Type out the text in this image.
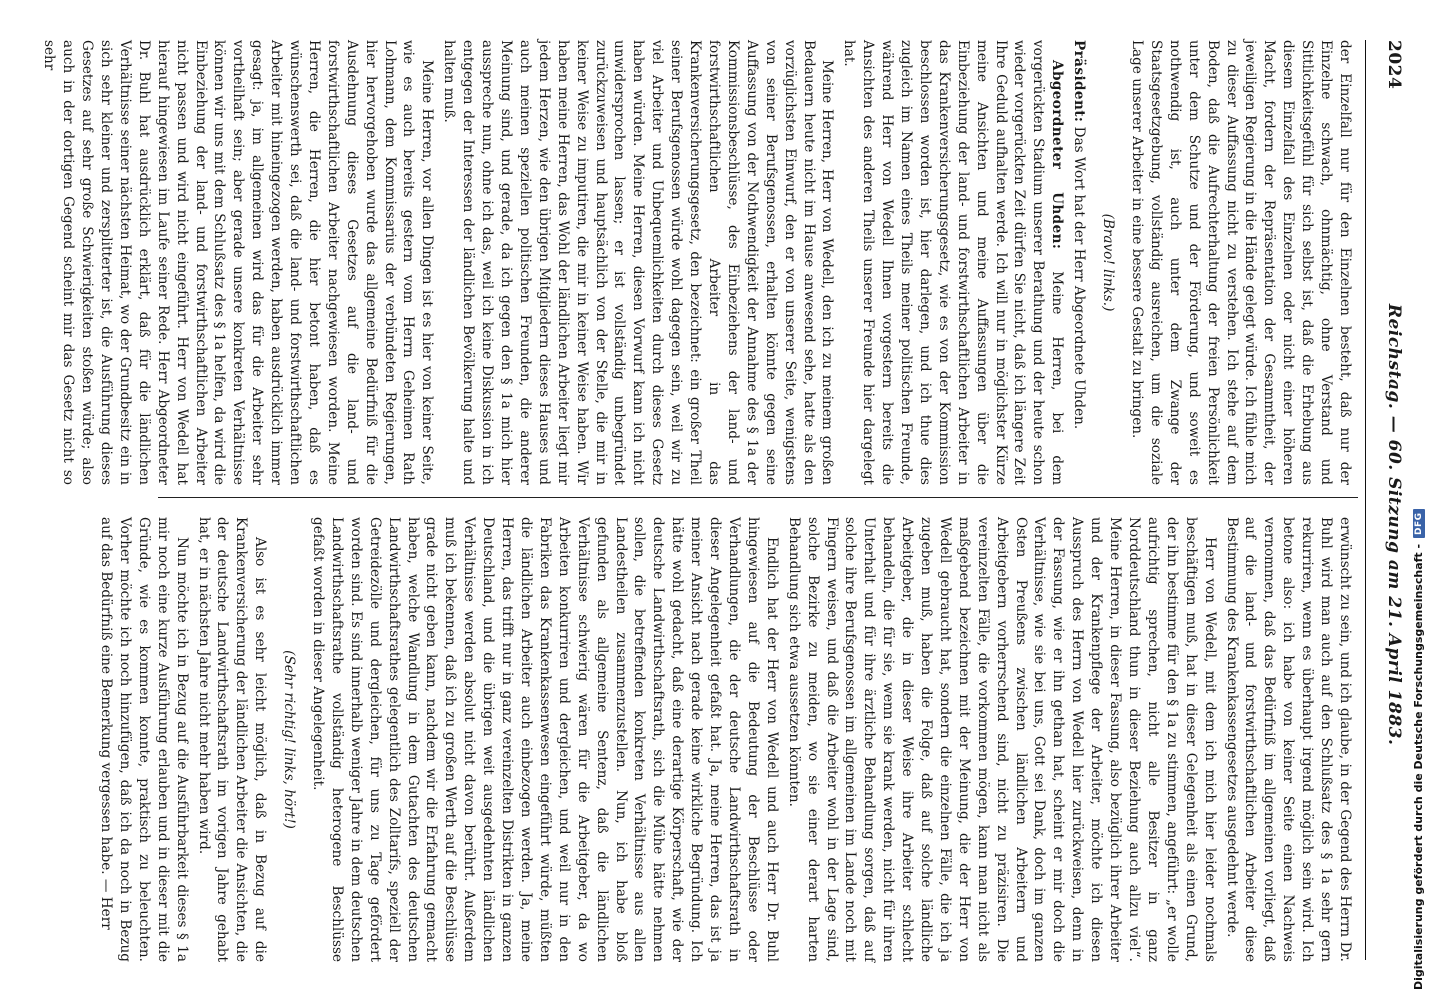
2024
Reichstag. — 60. Sitzung am 21. April 1883.

der Einzelfall nur für den Einzelnen besteht, daß nur der Einzelne schwach, ohnmächtig, ohne Verstand und Sittlichkeitsgefühl für sich selbst ist, daß die Erhebung aus diesem Einzelfall des Einzelnen oder nicht einer höheren Macht, fordern der Repräsentation der Gesammtheit, der jeweiligen Regierung in die Hände gelegt würde. Ich fühle mich zu dieser Auffassung nicht zu verstehen. Ich stehe auf dem Boden, daß die Aufrechterhaltung der freien Persönlichkeit unter dem Schutze und der Förderung, und soweit es nothwendig ist, auch unter dem Zwange der Staatsgesetzgebung, vollständig ausreichen, um die soziale Lage unserer Arbeiter in eine bessere Gestalt zu bringen.

(Bravo! links.)

Präsident: Das Wort hat der Herr Abgeordnete Uhden.

Abgeordneter Uhden: Meine Herren, bei dem vorgerückten Stadium unserer Berathung und der heute schon wieder vorgerückten Zeit dürfen Sie nicht, daß ich längere Zeit Ihre Geduld aufhalten werde. Ich will nur in möglichster Kürze meine Ansichten und meine Auffassungen über die Einbeziehung der land- und forstwirthschaftlichen Arbeiter in das Krankenversicherungsgesetz, wie es von der Kommission beschlossen worden ist, hier darlegen, und ich thue dies zugleich im Namen eines Theils meiner politischen Freunde, während Herr von Wedell Ihnen vorgestern bereits die Ansichten des anderen Theils unserer Freunde hier dargelegt hat.

Meine Herren, Herr von Wedell, den ich zu meinem großen Bedauern heute nicht im Hause anwesend sehe, hatte als den vorzüglichsten Einwurf, den er von unserer Seite, wenigstens von seiner Berufsgenossen, erhalten könnte gegen seine Auffassung von der Nothwendigkeit der Annahme des § 1a der Kommissionsbeschlüsse, des Einbeziehens der land- und forstwirthschaftlichen Arbeiter in das Krankenversicherungsgesetz, den bezeichnet: ein großer Theil seiner Berufsgenossen würde wohl dagegen sein, weil wir zu viel Arbeiter und Unbequemlichkeiten durch dieses Gesetz haben würden. Meine Herren, diesen Vorwurf kann ich nicht unwidersprochen lassen; er ist vollständig unbegründet zurückzuweisen und hauptsächlich von der Stelle, die mir in keiner Weise zu imputiren, die mir in keiner Weise haben. Wir haben meine Herren, das Wohl der ländlichen Arbeiter liegt mir jedem Herzen, wie den übrigen Mitgliedern dieses Hauses und auch meinen speziellen politischen Freunden, die anderer Meinung sind, und gerade, da ich gegen den § 1a mich hier ausspreche nun, ohne ich das, weil ich keine Diskussion in ich entgegen der Interessen der ländlichen Bevölkerung halte und halten muß.

Meine Herren, vor allen Dingen ist es hier von keiner Seite, wie es auch bereits gestern vom Herrn Geheimen Rath Lohmann, dem Kommissarius der verbündeten Regierungen, hier hervorgehoben wurde das allgemeine Bedürfniß für die Ausdehnung dieses Gesetzes auf die land- und forstwirthschaftlichen Arbeiter nachgewiesen worden. Meine Herren, die Herren, die hier betont haben, daß es wünschenswerth sei, daß die land- und forstwirthschaftlichen Arbeiter mit hineingezogen werden, haben ausdrücklich immer gesagt: ja, im allgemeinen wird das für die Arbeiter sehr vortheilhaft sein; aber gerade unsere konkreten Verhältnisse können wir uns mit dem Schlußsatz des § 1a helfen, da wird die Einbeziehung der land- und forstwirthschaftlichen Arbeiter nicht passen und wird nicht eingeführt. Herr von Wedell hat hierauf hingewiesen im Laufe seiner Rede. Herr Abgeordneter Dr. Buhl hat ausdrücklich erklärt, daß für die ländlichen Verhältnisse seiner nächsten Heimat, wo der Grundbesitz ein in sich sehr kleiner und zersplitterter ist, die Ausführung dieses Gesetzes auf sehr große Schwierigkeiten stoßen würde; also auch in der dortigen Gegend scheint mir das Gesetz nicht so sehr

erwünscht zu sein, und ich glaube, in der Gegend des Herrn Dr. Buhl wird man auch auf den Schlußsatz des § 1a sehr gern rekurriren, wenn es überhaupt irgend möglich sein wird. Ich betone also: ich habe von keiner Seite einen Nachweis vernommen, daß das Bedürfniß im allgemeinen vorliegt, daß auf die land- und forstwirthschaftlichen Arbeiter diese Bestimmung des Krankenkassengesetzes ausgedehnt werde.

Herr von Wedell, mit dem ich mich hier leider nochmals beschäftigen muß, hat in dieser Gelegenheit als einen Grund, der ihn bestimme für den § 1a zu stimmen, angeführt: „er wolle aufrichtig sprechen, nicht alle Besitzer in ganz Norddeutschland thun in dieser Beziehung auch allzu viel“. Meine Herren, in dieser Fassung, also bezüglich ihrer Arbeiter und der Krankenpflege der Arbeiter, möchte ich diesen Ausspruch des Herrn von Wedell hier zurückweisen, denn in der Fassung, wie er ihn gethan hat, scheint er mir doch die Verhältnisse, wie sie bei uns, Gott sei Dank, doch im ganzen Osten Preußens zwischen ländlichen Arbeitern und Arbeitgebern vorherrschend sind, nicht zu präzisiren. Die vereinzelten Fälle, die vorkommen mögen, kann man nicht als maßgebend bezeichnen mit der Meinung, die der Herr von Wedell gebraucht hat, sondern die einzelnen Fälle, die ich ja zugeben muß, haben die Folge, daß auf solche ländliche Arbeitgeber, die in dieser Weise ihre Arbeiter schlecht behandeln, die für sie, wenn sie krank werden, nicht für ihren Unterhalt und für ihre ärztliche Behandlung sorgen, daß auf solche ihre Berufsgenossen im allgemeinen im Lande noch mit Fingern weisen, und daß die Arbeiter wohl in der Lage sind, solche Bezirke zu meiden, wo sie einer derart harten Behandlung sich etwa aussetzen könnten.

Endlich hat der Herr von Wedell und auch Herr Dr. Buhl hingewiesen auf die Bedeutung der Beschlüsse oder Verhandlungen, die der deutsche Landwirthschaftsrath in dieser Angelegenheit gefaßt hat. Ja, meine Herren, das ist ja meiner Ansicht nach gerade keine wirkliche Begründung. Ich hätte wohl gedacht, daß eine derartige Körperschaft, wie der deutsche Landwirthschaftsrath, sich die Mühe hätte nehmen sollen, die betreffenden konkreten Verhältnisse aus allen Landestheilen zusammenzustellen. Nun, ich habe bloß gefunden als allgemeine Sentenz, daß die ländlichen Verhältnisse schwierig wären für die Arbeitgeber, da wo Arbeiten konkurriren und dergleichen, und weil nur in den Fabriken das Krankenkassenwesen eingeführt würde, müßten die ländlichen Arbeiter auch einbezogen werden. Ja, meine Herren, das trifft nur in ganz vereinzelten Distrikten in ganzen Deutschland, und die übrigen weit ausgedehnten ländlichen Verhältnisse werden absolut nicht davon berührt. Außerdem muß ich bekennen, daß ich zu großen Werth auf die Beschlüsse grade nicht geben kann, nachdem wir die Erfahrung gemacht haben, welche Wandlung in dem Gutachten des deutschen Landwirthschaftsrathes gelegentlich des Zolltarifs, speziell der Getreidezölle und dergleichen, für uns zu Tage gefördert worden sind. Es sind innerhalb weniger Jahre in dem deutschen Landwirthschaftsrathe vollständig heterogene Beschlüsse gefaßt worden in dieser Angelegenheit.

(Sehr richtig! links, hört!)

Also ist es sehr leicht möglich, daß in Bezug auf die Krankenversicherung der ländlichen Arbeiter die Ansichten, die der deutsche Landwirthschaftsrath im vorigen Jahre gehabt hat, er in nächsten Jahre nicht mehr haben wird.

Nun möchte ich in Bezug auf die Ausführbarkeit dieses § 1a mir noch eine kurze Ausführung erlauben und in dieser mit die Gründe, wie es kommen konnte, praktisch zu beleuchten. Vorher möchte ich noch hinzufügen, daß ich da noch in Bezug auf das Bedürfniß eine Bemerkung vergessen habe. — Herr	Digitalisierung gefördert durch die Deutsche Forschungsgemeinschaft -
DFG
